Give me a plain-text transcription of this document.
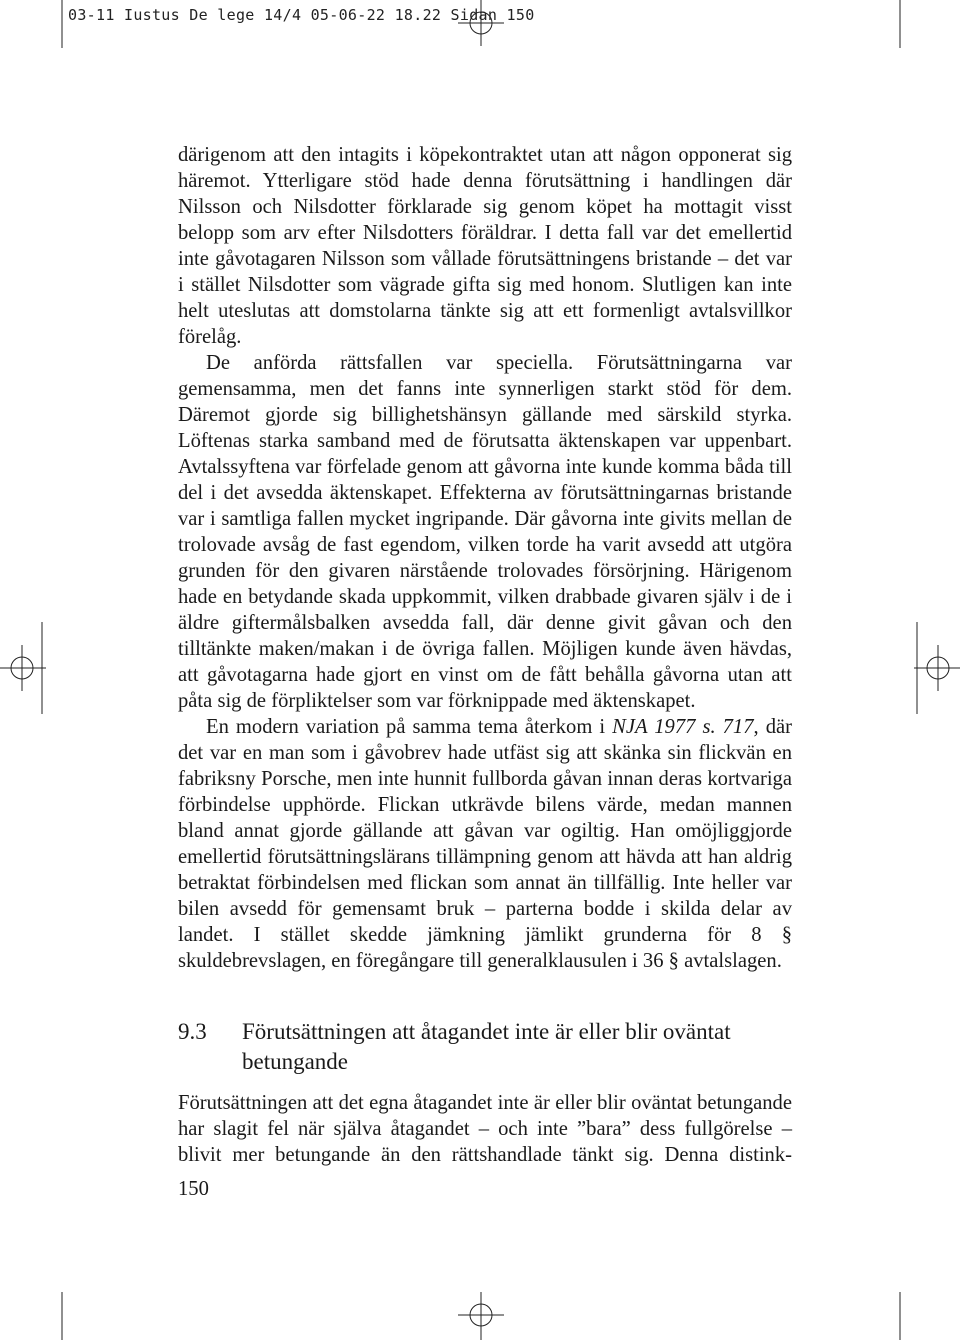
03-11 Iustus De lege 14/4 05-06-22 18.22 Sidan 150

därigenom att den intagits i köpekontraktet utan att någon opponerat sig häremot. Ytterligare stöd hade denna förutsättning i handlingen där Nilsson och Nilsdotter förklarade sig genom köpet ha mottagit visst belopp som arv efter Nilsdotters föräldrar. I detta fall var det emellertid inte gåvotagaren Nilsson som vållade förutsättningens bristande – det var i stället Nilsdotter som vägrade gifta sig med honom. Slutligen kan inte helt uteslutas att domstolarna tänkte sig att ett formenligt avtalsvillkor förelåg.

De anförda rättsfallen var speciella. Förutsättningarna var gemensamma, men det fanns inte synnerligen starkt stöd för dem. Däremot gjorde sig billighetshänsyn gällande med särskild styrka. Löftenas starka samband med de förutsatta äktenskapen var uppenbart. Avtalssyftena var förfelade genom att gåvorna inte kunde komma båda till del i det avsedda äktenskapet. Effekterna av förutsättningarnas bristande var i samtliga fallen mycket ingripande. Där gåvorna inte givits mellan de trolovade avsåg de fast egendom, vilken torde ha varit avsedd att utgöra grunden för den givaren närstående trolovades försörjning. Härigenom hade en betydande skada uppkommit, vilken drabbade givaren själv i de i äldre giftermålsbalken avsedda fall, där denne givit gåvan och den tilltänkte maken/makan i de övriga fallen. Möjligen kunde även hävdas, att gåvotagarna hade gjort en vinst om de fått behålla gåvorna utan att påta sig de förpliktelser som var förknippade med äktenskapet.

En modern variation på samma tema återkom i NJA 1977 s. 717, där det var en man som i gåvobrev hade utfäst sig att skänka sin flickvän en fabriksny Porsche, men inte hunnit fullborda gåvan innan deras kortvariga förbindelse upphörde. Flickan utkrävde bilens värde, medan mannen bland annat gjorde gällande att gåvan var ogiltig. Han omöjliggjorde emellertid förutsättningslärans tillämpning genom att hävda att han aldrig betraktat förbindelsen med flickan som annat än tillfällig. Inte heller var bilen avsedd för gemensamt bruk – parterna bodde i skilda delar av landet. I stället skedde jämkning jämlikt grunderna för 8 § skuldebrevslagen, en föregångare till generalklausulen i 36 § avtalslagen.

9.3	Förutsättningen att åtagandet inte är eller blir oväntat betungande

Förutsättningen att det egna åtagandet inte är eller blir oväntat betungande har slagit fel när själva åtagandet – och inte ”bara” dess fullgörelse – blivit mer betungande än den rättshandlade tänkt sig. Denna distink-

150
